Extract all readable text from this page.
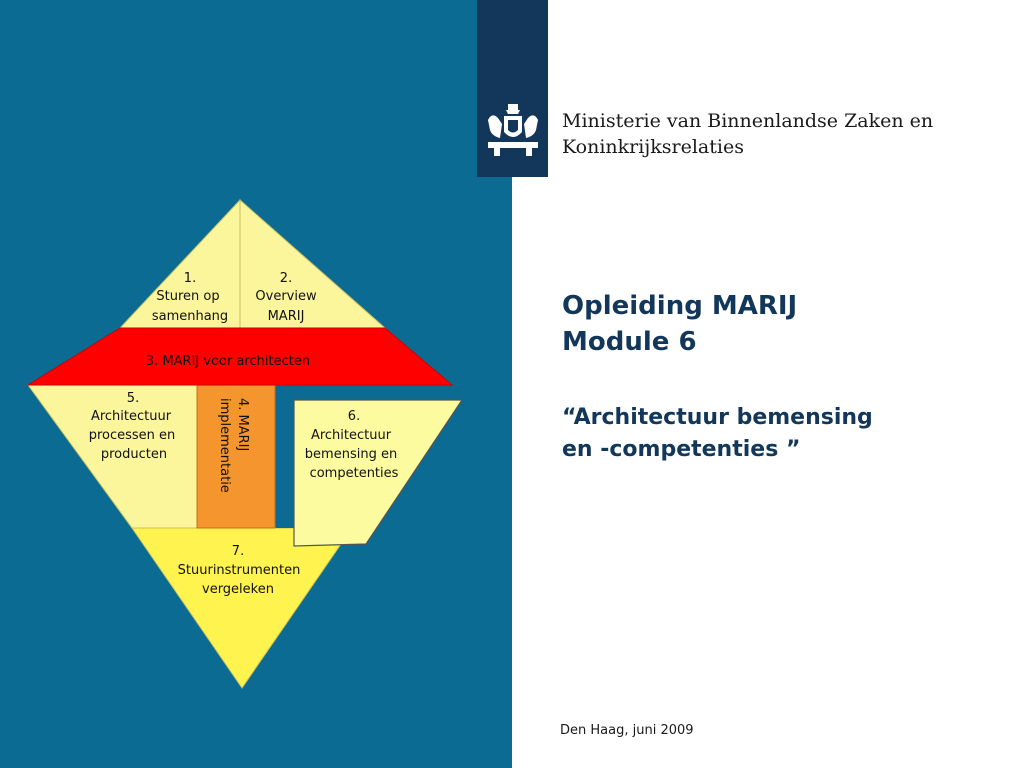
Ministerie van Binnenlandse Zaken en
Koninkrijksrelaties
Opleiding MARIJ
Module 6
“Architectuur bemensing
en -competenties ”
Den Haag, juni 2009
1.
Sturen op
samenhang
2.
Overview
MARIJ
3. MARIJ voor architecten
5.
Architectuur
processen en
producten
4. MARIJ
implementatie	6.
Architectuur
bemensing en
competenties
7.
Stuurinstrumenten
vergeleken
